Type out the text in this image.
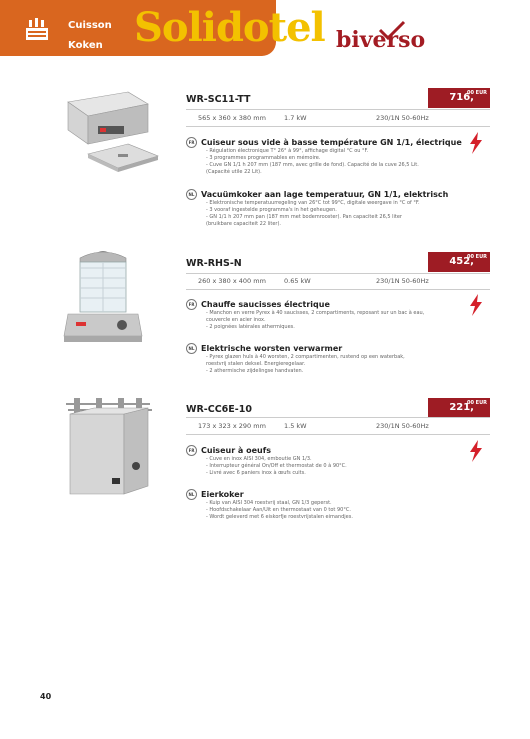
Cuisson
Koken Solidotel biverso
WR-SC11-TT	716,
00 EUR
565 x 360 x 380 mm	1.7 kW	230/1N 50-60Hz
FR Cuiseur sous vide à basse température GN 1/1, électrique
- Régulation électronique T° 26° à 99°, affichage digital °C ou °F.
- 3 programmes programmables en mémoire.
- Cuve GN 1/1 h 207 mm (187 mm, avec grille de fond). Capacité de la cuve 26,5 Lit.
(Capacité utile 22 Lit).
NL Vacuümkoker aan lage temperatuur, GN 1/1, elektrisch
- Elektronische temperatuurregeling van 26°C tot 99°C, digitale weergave in °C of °F.
- 3 vooraf ingestelde programma's in het geheugen.
- GN 1/1 h 207 mm pan (187 mm met bodemrooster). Pan capaciteit 26,5 liter
(bruikbare capaciteit 22 liter).
WR-RHS-N	452,
00 EUR
260 x 380 x 400 mm	0.65 kW	230/1N 50-60Hz
FR Chauffe saucisses électrique
- Manchon en verre Pyrex à 40 saucisses, 2 compartiments, reposant sur un bac à eau,
couvercle en acier inox.
- 2 poignées latérales athermiques.
NL Elektrische worsten verwarmer
- Pyrex glazen huls à 40 worsten, 2 compartimenten, rustend op een waterbak,
roestvrij stalen deksel. Energieregelaar.
- 2 athermische zijdelingse handvaten.
WR-CC6E-10	221,
00 EUR
173 x 323 x 290 mm	1.5 kW	230/1N 50-60Hz
FR Cuiseur à oeufs
- Cuve en inox AISI 304, emboutie GN 1/3.
- Interrupteur général On/Off et thermostat de 0 à 90°C.
- Livré avec 6 paniers inox à œufs cuits.
NL Eierkoker
- Kuip van AISI 304 roestvrij staal, GN 1/3 geperst.
- Hoofdschakelaar Aan/Uit en thermostaat van 0 tot 90°C.
- Wordt geleverd met 6 eiskorfje roestvrijstalen eimandjes.
40
